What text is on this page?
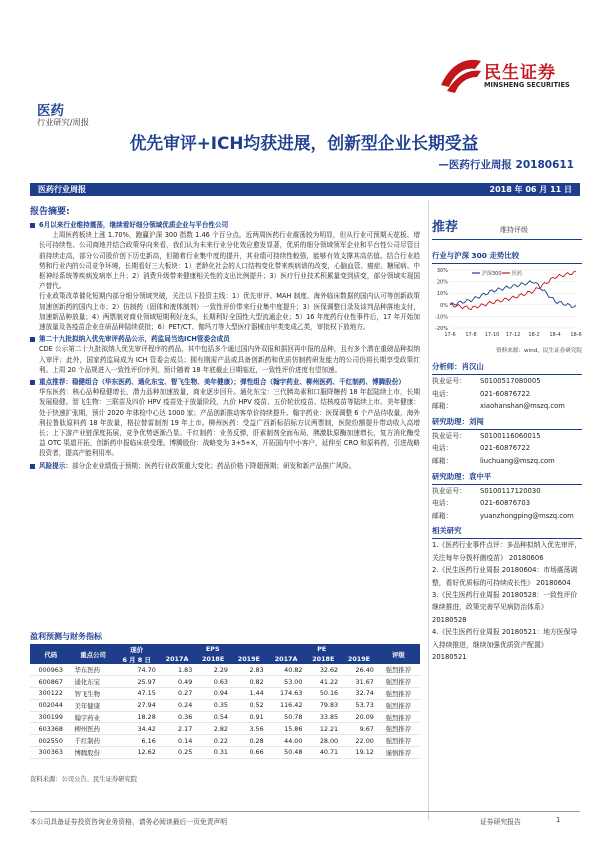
民生证券
MINSHENG SECURITIES
医药
行业研究/周报
优先审评+ICH均获进展，创新型企业长期受益
—医药行业周报 20180611
医药行业周报	2018 年 06 月 11 日
报告摘要:
6月以来行业维持震荡，继续看好细分领域优质企业与平台性公司
上周医药板块上涨 1.70%，跑赢沪深 300 指数 1.46 个百分点。近两周医药行业震荡较为明显，但从行业可预期天花板、增长可持续性、公司商地并结合政策导向来看，我们认为未来行业分化效应愈发显著，优质的细分领域领军企业和平台性公司尽管目前持续走高，部分公司股价创下历史新高，但随着行业集中度的提升，其业绩可持续性較強，能够有效支撑其高估值。结合行业趋势和行业内的公司竞争环境，长期看好三大板块：1）老龄化社会的人口结构变化带来疾病谱的改变，心脑血管、癌症、糖尿病、中枢神经系统等疾病发病率上升；2）消费升级带来健康相关性的支出比例提升；3）医疗行业技术积累量变到质变，部分领域实现国产替代。
行业政策改革催化短期内部分细分领域突破，关注以下投资主线：1）优先审评、MAH 制度、海外临床数据的国内认可等创新政策加速创新药的国内上市；2）仿制药（固体和液体制剂）一致性评价带来行业集中度提升；3）医保调整目录及谈判品种落地支付，加速新品种放量；4）两票制对商业领域短期利好龙头，长期利好全国性大型流通企业；5）16 年度药行业性事件后，17 年开始加速放量及各疫苗企业在研品种陆续获批；6）PET/CT、伽玛刀等大型医疗器械由甲类变成乙类，审批权下放地方。
第二十九批拟纳入优先审评药品公示，药监局当选ICH管委会成员
CDE 公示第二十九批拟纳入优先审评程序的药品，其中包括多个通过国内外双报和据回再申报的品种，且有多个潜在重磅品种拟纳入审评；此外，国家药监局成为 ICH 管委会成员；拥有刚需产品或具备创新药和优质仿制药研发能力的公司仍将长期享受政策红利。上周 20 个品规进入一致性评价序列，预计随着 18 年底截止日期临近，一致性评价进度有望加速。
重点推荐：稳健组合（华东医药、通化东宝、智飞生物、美年健康）；弹性组合（翰宇药业、柳州医药、千红制药、博腾股份）
华东医药：核心品种稳健增长，潜力品种加速放量，商业逐步回升。通化东宝：三代胰岛素和口服降糖药 18 年起陆续上市，长期发展稳健。智飞生物：三联苗及四价 HPV 疫苗处于放量阶段，九价 HPV 疫苗、五价轮状疫苗、结核疫苗等陆续上市。美年健康：处于快速扩张期，预计 2020 年体检中心达 1000 家；产品创新推动客单价持续提升。翰宇药业：医保调整 6 个产品待收量，海外利拉鲁肽原料药 18 年放量，格拉替雷制剂 19 年上市。柳州医药：受益广西新标招标方议两票制，医院纷额提升带动收入高增长；上下游产业链深度拓展，竞争优势逐渐凸显。千红制药：业务反弹，肝素制剂全面布局，胰激肽原酶加速增长，复方消化酶受益 OTC 渠道开拓，创新药申报临床获受理。博腾股份：战略变为 3+5+X，开拓国内中小客户，延伸至 CRO 和原料药，引进战略投资者，提高产能利用率。
风险提示： 部分企业业绩低于预期；医药行业政策重大变化；药品价格下降超预期；研发和新产品推广风险。
推荐	维持评级
行业与沪深 300 走势比较
30%
20%
10%
0%
-10%
-20%
17-6 17-8 17-10 17-12 18-2 18-4 18-6
沪深300 医药
资料来源：wind，民生证券研究院
分析师：肖汉山
执业证号：	S0100517080005
电话：	021-60876722
邮箱：	xiaohanshan@mszq.com
研究助理：刘闯
执业证号：	S0100116060015
电话：	021-60876722
邮箱：	liuchuang@mszq.com
研究助理：袁中平
执业证号：	S0100117120030
电话：	021-60876703
邮箱：	yuanzhongping@mszq.com
相关研究
1.《医药行业事件点评：多品种拟纳入优先审评，关注每年分拨杆菌疫苗》 20180606
2.《民生医药行业周报 20180604：市场震荡调整，看好优质标的可持续成长性》 20180604
3.《民生医药行业周报 20180528：一致性评价继续推进，政策完善罕见病防治体系》 20180528
4.《民生医药行业周报 20180521：地方医保导入持续推进，继续加强优质资产配置》 20180521
盈利预测与财务指标
代码	重点公司	现价	EPS			PE			评级
		6 月 8 日	2017A	2018E	2019E	2017A	2018E	2019E	
000963	华东医药	74.70	1.83	2.29	2.83	40.82	32.62	26.40	强烈推荐
600867	通化东宝	25.97	0.49	0.63	0.82	53.00	41.22	31.67	强烈推荐
300122	智飞生物	47.15	0.27	0.94	1.44	174.63	50.16	32.74	强烈推荐
002044	美年健康	27.94	0.24	0.35	0.52	116.42	79.83	53.73	强烈推荐
300199	翰宇药业	18.28	0.36	0.54	0.91	50.78	33.85	20.09	强烈推荐
603368	柳州医药	34.42	2.17	2.82	3.56	15.86	12.21	9.67	强烈推荐
002550	千红制药	6.16	0.14	0.22	0.28	44.00	28.00	22.00	强烈推荐
300363	博腾股份	12.62	0.25	0.31	0.66	50.48	40.71	19.12	谨慎推荐
资料来源：公司公告、民生证券研究院
本公司具备证券投资咨询业务资格，请务必阅读最后一页免责声明	证券研究报告	1
